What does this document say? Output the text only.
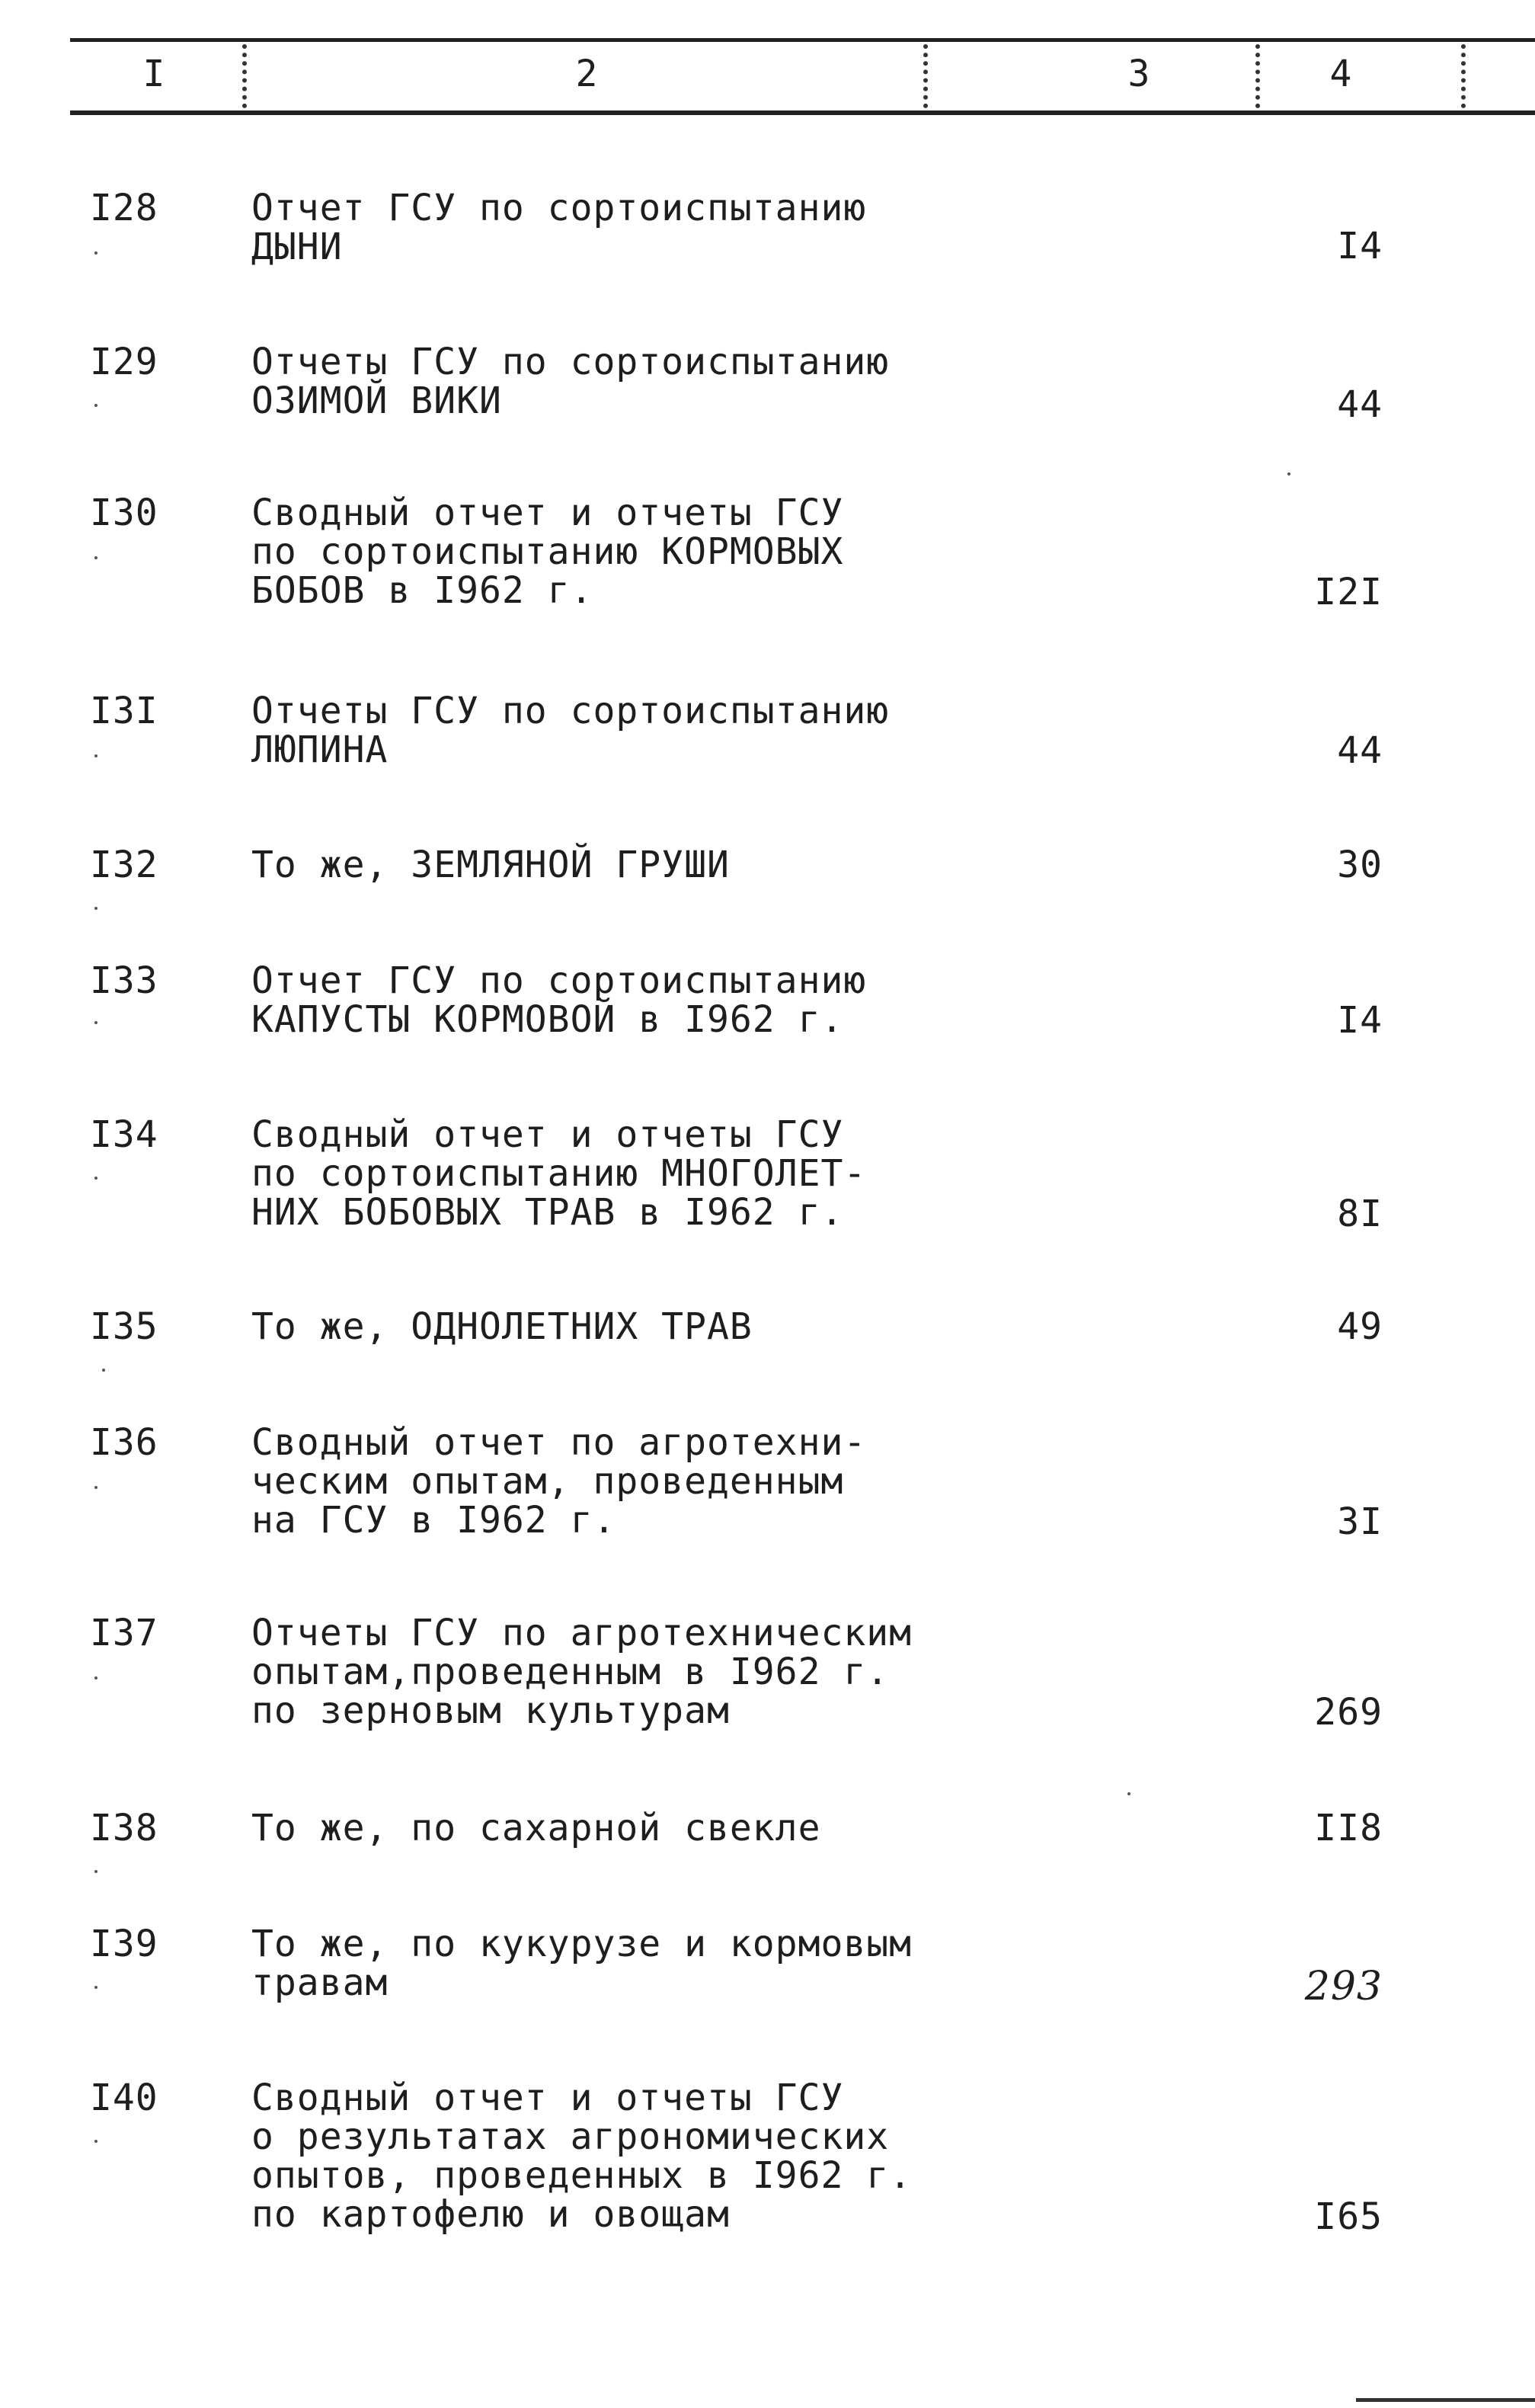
I	2	3	4
I28	Отчет ГСУ по сортоиспытанию
ДЫНИ	I4
I29	Отчеты ГСУ по сортоиспытанию
ОЗИМОЙ ВИКИ	44
I30	Сводный отчет и отчеты ГСУ
по сортоиспытанию КОРМОВЫХ
БОБОВ в I962 г.	I2I
I3I	Отчеты ГСУ по сортоиспытанию
ЛЮПИНА	44
I32	То же, ЗЕМЛЯНОЙ ГРУШИ	30
I33	Отчет ГСУ по сортоиспытанию
КАПУСТЫ КОРМОВОЙ в I962 г.	I4
I34	Сводный отчет и отчеты ГСУ
по сортоиспытанию МНОГОЛЕТ-
НИХ БОБОВЫХ ТРАВ в I962 г.	8I
I35	То же, ОДНОЛЕТНИХ ТРАВ	49
I36	Сводный отчет по агротехни-
ческим опытам, проведенным
на ГСУ в I962 г.	3I
I37	Отчеты ГСУ по агротехническим
опытам,проведенным в I962 г.
по зерновым культурам	269
I38	То же, по сахарной свекле	II8
I39	То же, по кукурузе и кормовым
травам	293
I40	Сводный отчет и отчеты ГСУ
о результатах агрономических
опытов, проведенных в I962 г.
по картофелю и овощам	I65
